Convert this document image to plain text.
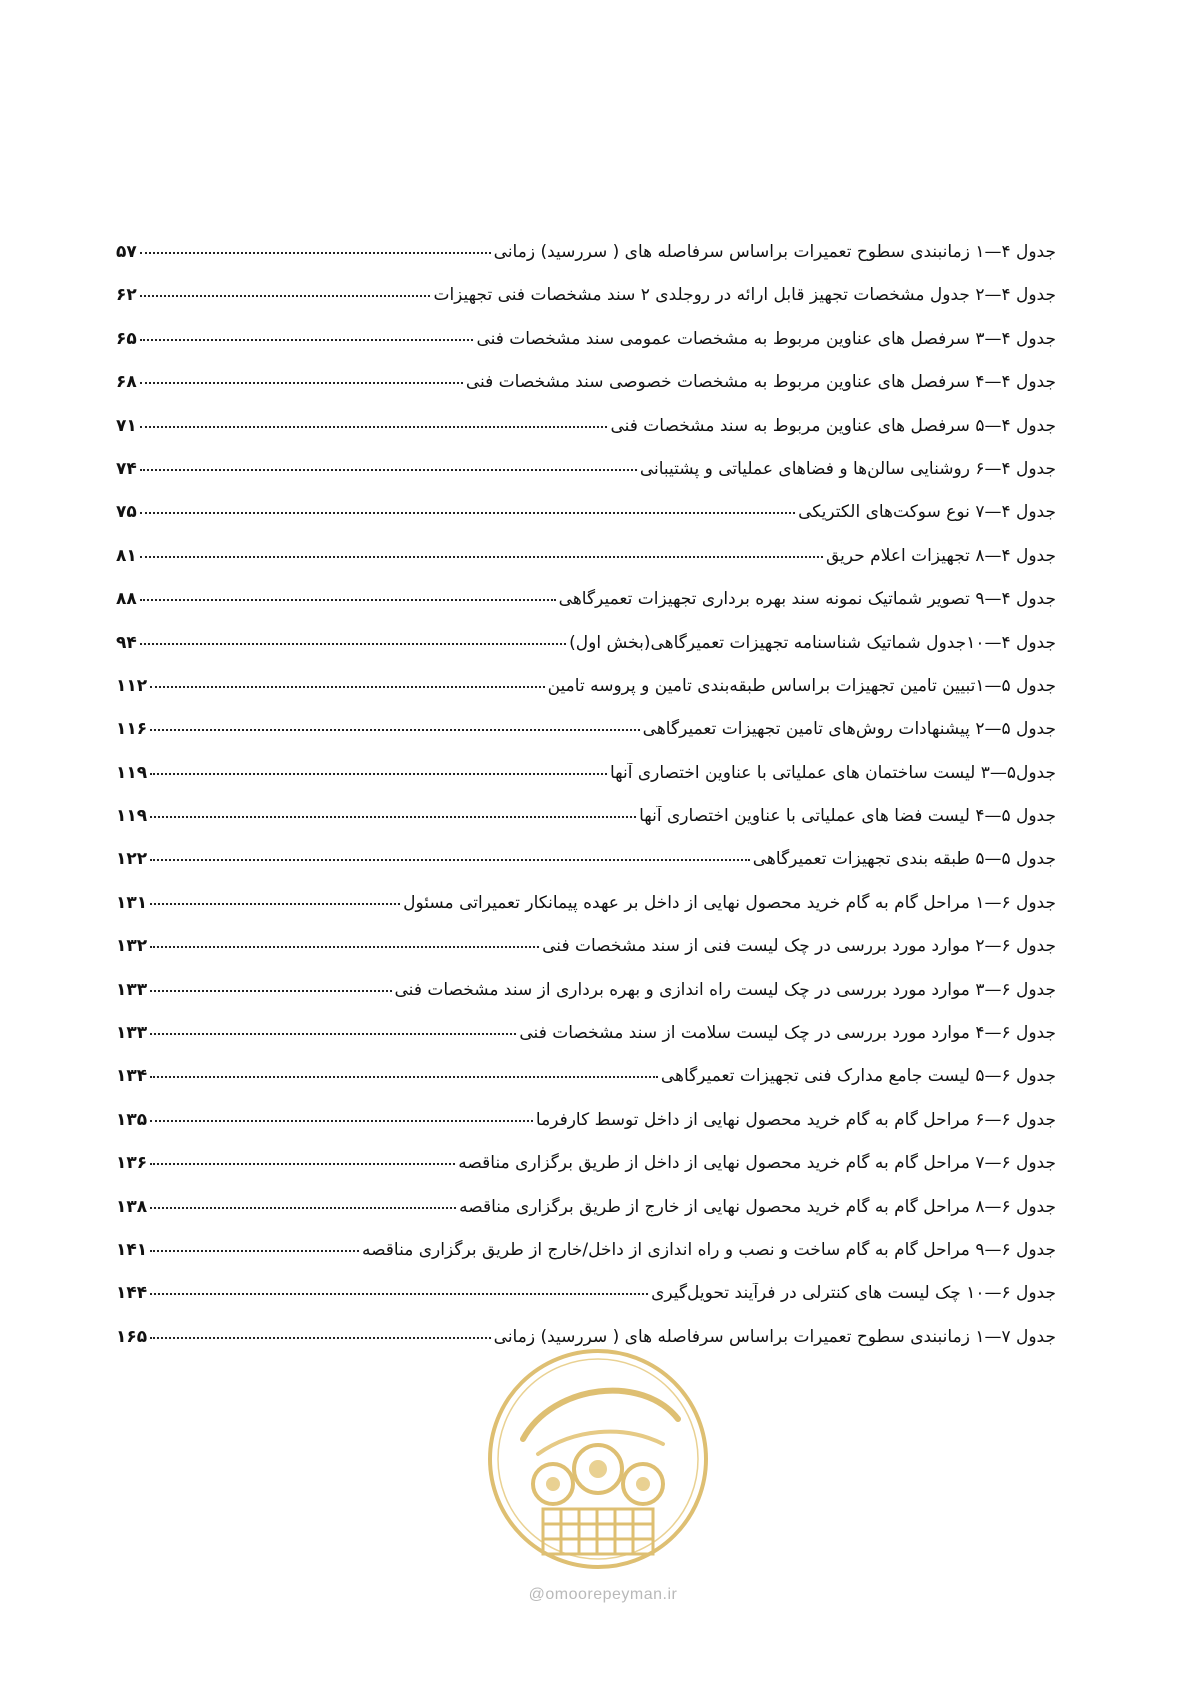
جدول ۴—۱ زمانبندی سطوح تعمیرات براساس سرفاصله های ( سررسید) زمانی
۵۷
جدول ۴—۲ جدول مشخصات تجهیز قابل ارائه در روجلدی ۲ سند مشخصات فنی تجهیزات
۶۲
جدول ۴—۳ سرفصل های عناوین مربوط به مشخصات عمومی سند مشخصات فنی
۶۵
جدول ۴—۴ سرفصل های عناوین مربوط به مشخصات خصوصی سند مشخصات فنی
۶۸
جدول ۴—۵ سرفصل های عناوین مربوط به سند مشخصات فنی
۷۱
جدول ۴—۶ روشنایی سالن‌ها و فضاهای عملیاتی و پشتیبانی
۷۴
جدول ۴—۷ نوع سوکت‌های الکتریکی
۷۵
جدول ۴—۸ تجهیزات اعلام حریق
۸۱
جدول ۴—۹ تصویر شماتیک نمونه سند بهره برداری تجهیزات تعمیرگاهی
۸۸
جدول ۴—۱۰جدول شماتیک شناسنامه تجهیزات تعمیرگاهی(بخش اول)
۹۴
جدول ۵—۱تبیین تامین تجهیزات براساس طبقه‌بندی تامین و پروسه تامین
۱۱۲
جدول ۵—۲ پیشنهادات روش‌های تامین تجهیزات تعمیرگاهی
۱۱۶
جدول۵—۳ لیست ساختمان های عملیاتی با عناوین اختصاری آنها
۱۱۹
جدول ۵—۴ لیست فضا های عملیاتی با عناوین اختصاری آنها
۱۱۹
جدول ۵—۵ طبقه بندی تجهیزات تعمیرگاهی
۱۲۲
جدول ۶—۱ مراحل گام به گام خرید محصول نهایی از داخل بر عهده پیمانکار تعمیراتی مسئول
۱۳۱
جدول ۶—۲ موارد مورد بررسی در چک لیست فنی از سند مشخصات فنی
۱۳۲
جدول ۶—۳ موارد مورد بررسی در چک لیست راه اندازی و بهره برداری از سند مشخصات فنی
۱۳۳
جدول ۶—۴ موارد مورد بررسی در چک لیست سلامت از سند مشخصات فنی
۱۳۳
جدول ۶—۵ لیست جامع مدارک فنی تجهیزات تعمیرگاهی
۱۳۴
جدول ۶—۶ مراحل گام به گام خرید محصول نهایی از داخل توسط کارفرما
۱۳۵
جدول ۶—۷ مراحل گام به گام خرید محصول نهایی از داخل از طریق برگزاری مناقصه
۱۳۶
جدول ۶—۸ مراحل گام به گام خرید محصول نهایی از خارج از طریق برگزاری مناقصه
۱۳۸
جدول ۶—۹ مراحل گام به گام ساخت و نصب و راه اندازی از داخل/خارج از طریق برگزاری مناقصه
۱۴۱
جدول ۶—۱۰ چک لیست های کنترلی در فرآیند تحویل‌گیری
۱۴۴
جدول ۷—۱ زمانبندی سطوح تعمیرات براساس سرفاصله های ( سررسید) زمانی
۱۶۵
@omoorepeyman.ir
